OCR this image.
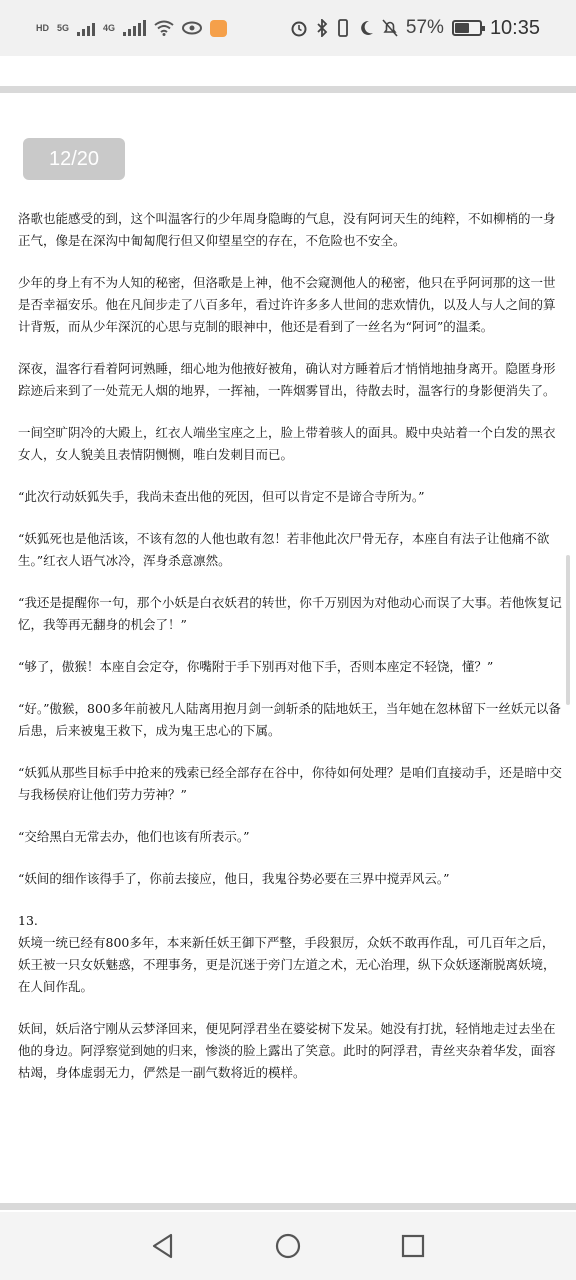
HD 5G	4G	57% 10:35
12/20

洛歌也能感受的到，这个叫温客行的少年周身隐晦的气息，没有阿诃天生的纯粹，不如柳梢的一身正气，像是在深沟中匍匐爬行但又仰望星空的存在，不危险也不安全。

少年的身上有不为人知的秘密，但洛歌是上神，他不会窥测他人的秘密，他只在乎阿诃那的这一世是否幸福安乐。他在凡间步走了八百多年，看过许许多多人世间的悲欢情仇，以及人与人之间的算计背叛，而从少年深沉的心思与克制的眼神中，他还是看到了一丝名为“阿诃”的温柔。

深夜，温客行看着阿诃熟睡，细心地为他掖好被角，确认对方睡着后才悄悄地抽身离开。隐匿身形踪迹后来到了一处荒无人烟的地界，一挥袖，一阵烟雾冒出，待散去时，温客行的身影便消失了。

一间空旷阴冷的大殿上，红衣人端坐宝座之上，脸上带着骇人的面具。殿中央站着一个白发的黑衣女人，女人貌美且表情阴恻恻，唯白发刺目而已。

“此次行动妖狐失手，我尚未查出他的死因，但可以肯定不是谛合寺所为。”

“妖狐死也是他活该，不该有忽的人他也敢有忽！若非他此次尸骨无存，本座自有法子让他痛不欲生。”红衣人语气冰冷，浑身杀意凛然。

“我还是提醒你一句，那个小妖是白衣妖君的转世，你千万别因为对他动心而误了大事。若他恢复记忆，我等再无翻身的机会了！”

“够了，傲猴！本座自会定夺，你嘴附于手下别再对他下手，否则本座定不轻饶，懂？”

“好。”傲猴，800多年前被凡人陆离用抱月剑一剑斩杀的陆地妖王，当年她在忽林留下一丝妖元以备后患，后来被鬼王救下，成为鬼王忠心的下属。

“妖狐从那些目标手中抢来的残索已经全部存在谷中，你待如何处理？是咱们直接动手，还是暗中交与我杨侯府让他们劳力劳神？”

“交给黑白无常去办，他们也该有所表示。”

“妖间的细作该得手了，你前去接应，他日，我鬼谷势必要在三界中搅弄风云。”

13.

妖境一统已经有800多年，本来新任妖王御下严整，手段狠厉，众妖不敢再作乱，可几百年之后，妖王被一只女妖魅惑，不理事务，更是沉迷于旁门左道之术，无心治理，纵下众妖逐渐脱离妖境，在人间作乱。

妖间，妖后洛宁刚从云梦泽回来，便见阿浮君坐在婆娑树下发呆。她没有打扰，轻悄地走过去坐在他的身边。阿浮察觉到她的归来，惨淡的脸上露出了笑意。此时的阿浮君，青丝夹杂着华发，面容枯竭，身体虚弱无力，俨然是一副气数将近的模样。
